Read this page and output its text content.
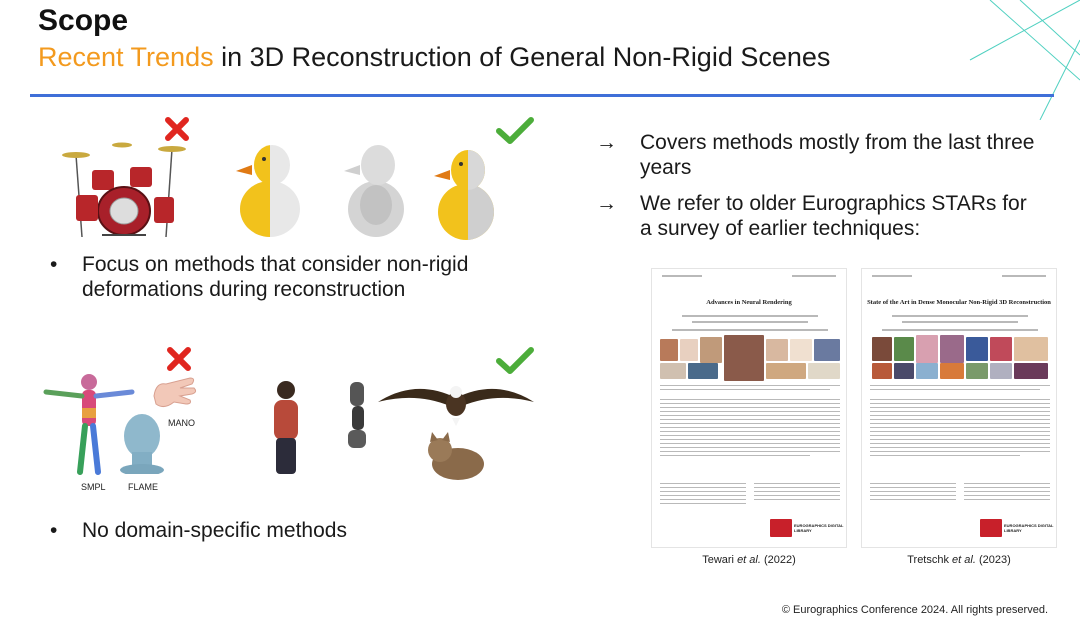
Scope
Recent Trends in 3D Reconstruction of General Non-Rigid Scenes
• Focus on methods that consider non-rigid deformations during reconstruction
MANO
SMPL FLAME
• No domain-specific methods
→ Covers methods mostly from the last three years
→ We refer to older Eurographics STARs for a survey of earlier techniques:
Advances in Neural Rendering
EUROGRAPHICS DIGITAL LIBRARY
Tewari et al. (2022)
State of the Art in Dense Monocular Non-Rigid 3D Reconstruction
EUROGRAPHICS DIGITAL LIBRARY
Tretschk et al. (2023)
© Eurographics Conference 2024. All rights preserved.
